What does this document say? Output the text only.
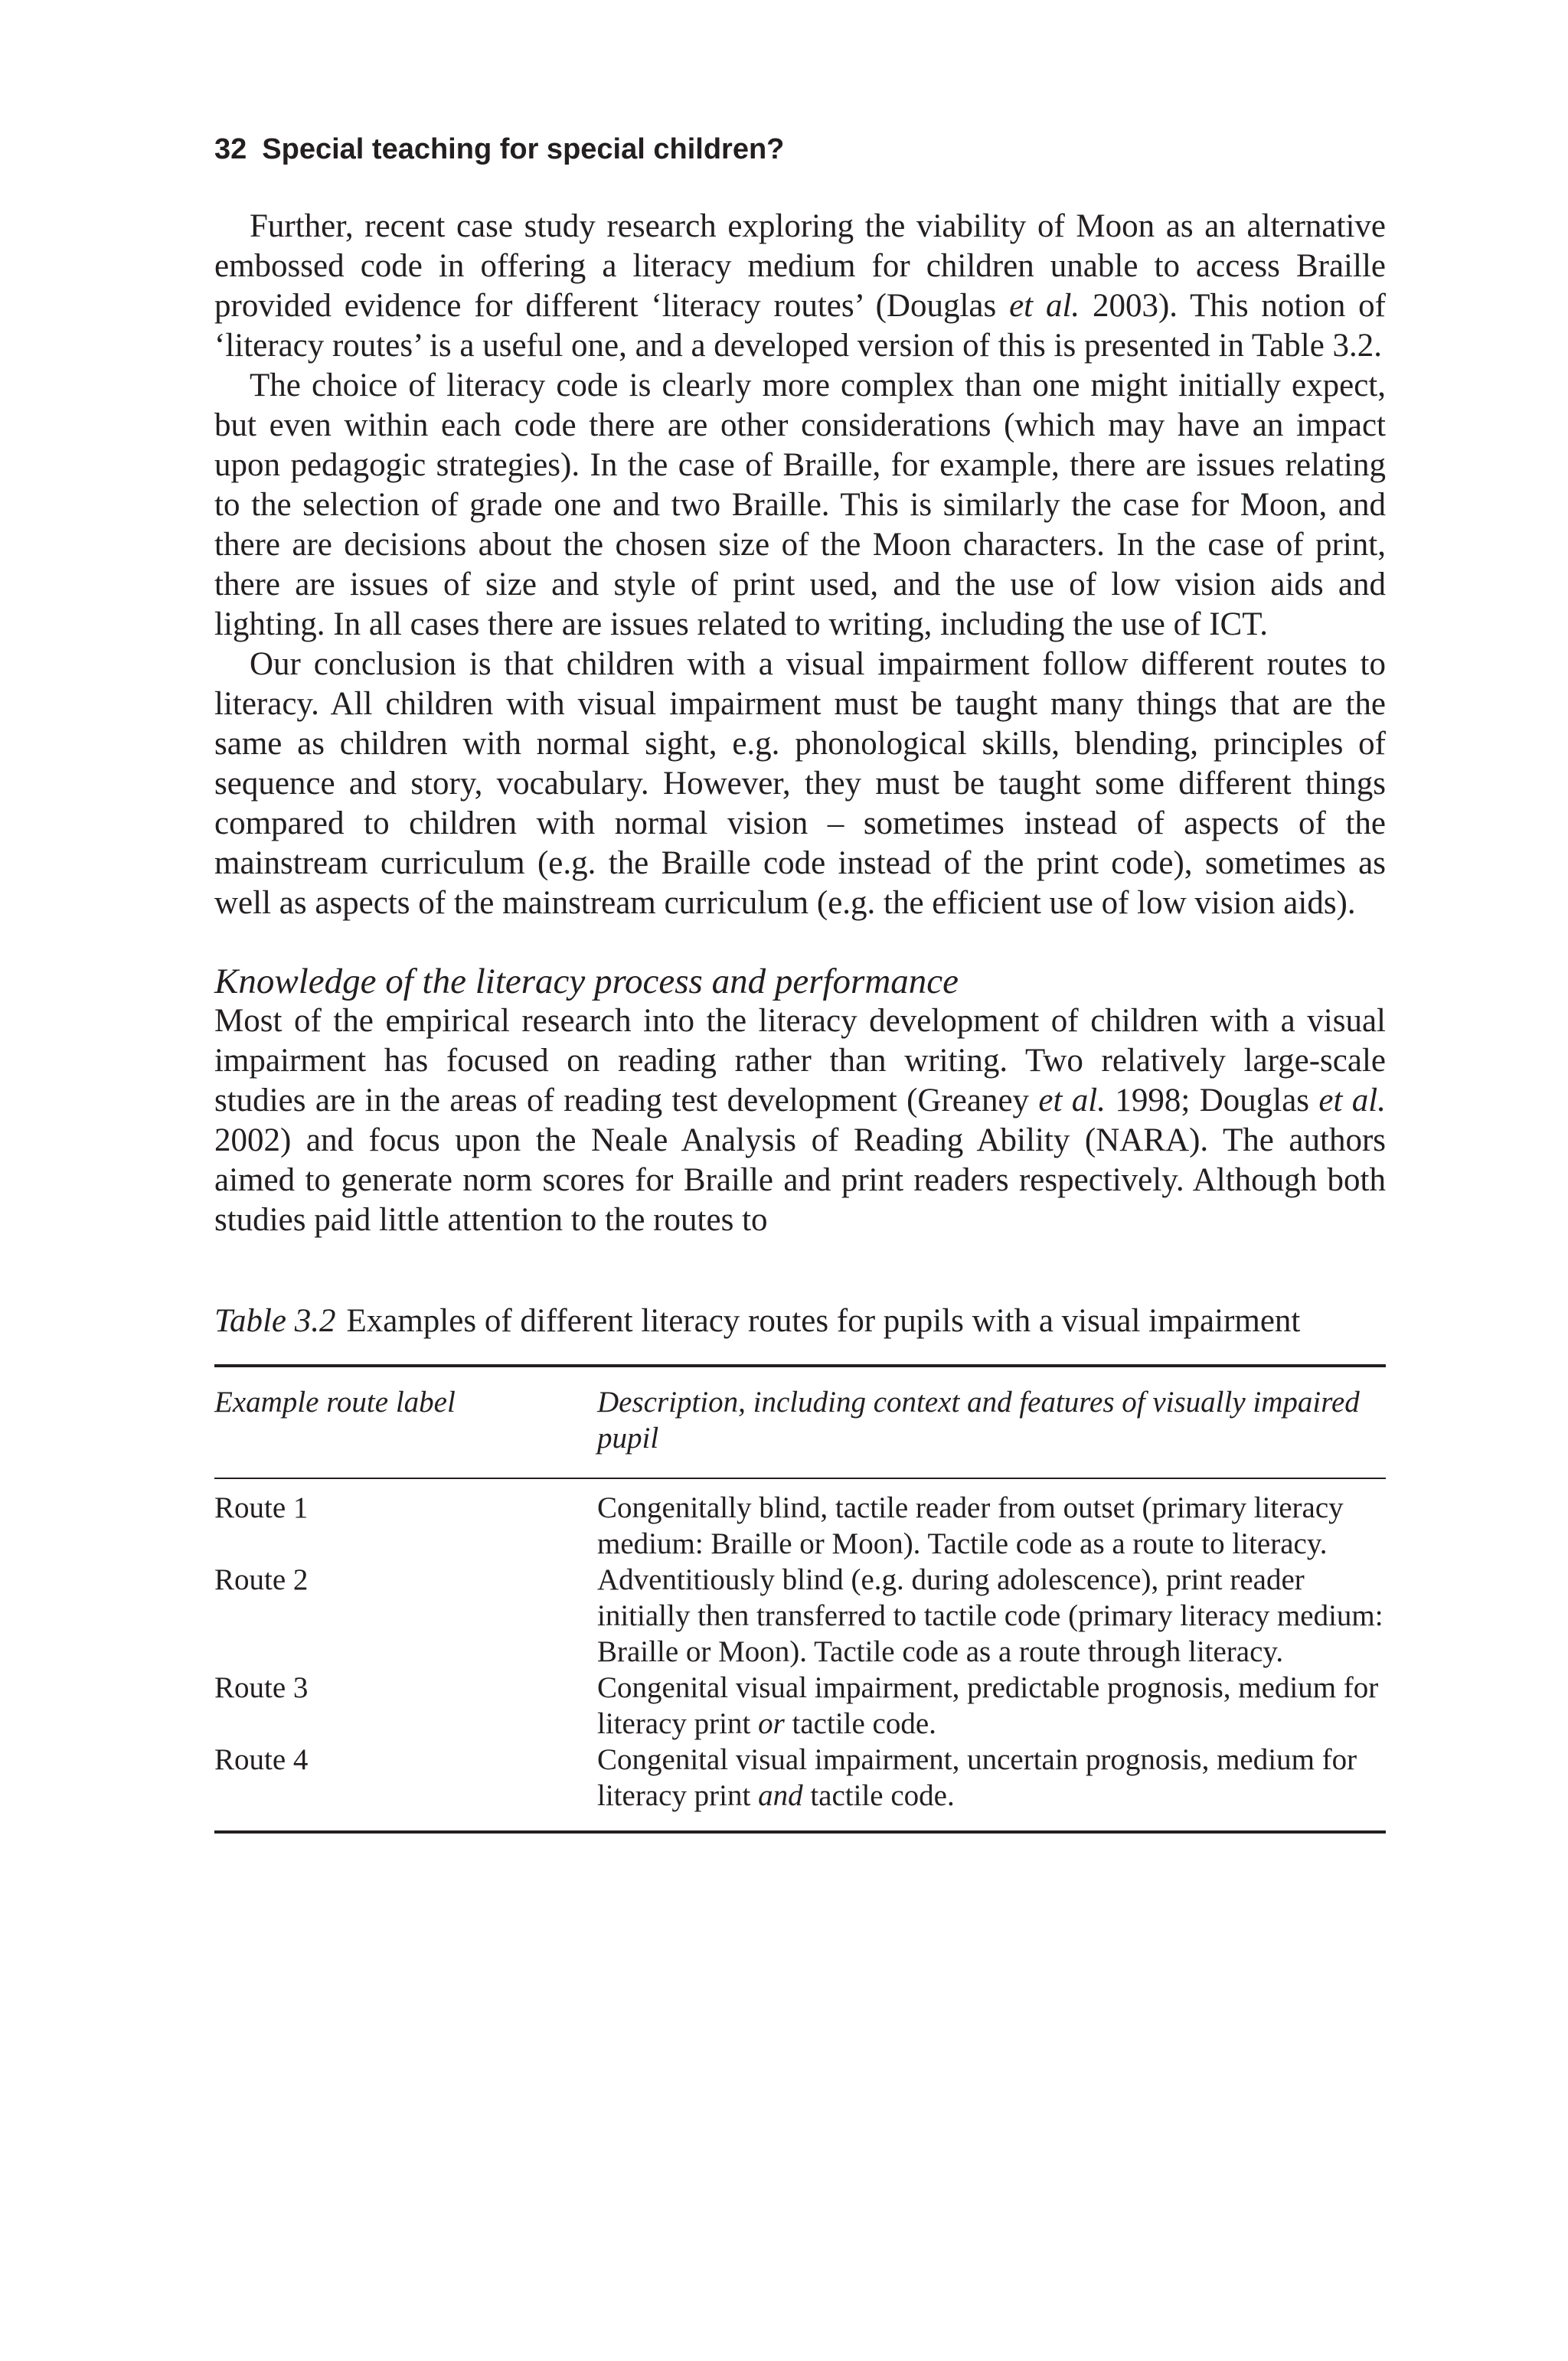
32 Special teaching for special children?

Further, recent case study research exploring the viability of Moon as an alternative embossed code in offering a literacy medium for children unable to access Braille provided evidence for different ‘literacy routes’ (Douglas et al. 2003). This notion of ‘literacy routes’ is a useful one, and a developed version of this is presented in Table 3.2.

The choice of literacy code is clearly more complex than one might initially expect, but even within each code there are other considerations (which may have an impact upon pedagogic strategies). In the case of Braille, for example, there are issues relating to the selection of grade one and two Braille. This is similarly the case for Moon, and there are decisions about the chosen size of the Moon characters. In the case of print, there are issues of size and style of print used, and the use of low vision aids and lighting. In all cases there are issues related to writing, including the use of ICT.

Our conclusion is that children with a visual impairment follow different routes to literacy. All children with visual impairment must be taught many things that are the same as children with normal sight, e.g. phonological skills, blending, principles of sequence and story, vocabulary. However, they must be taught some different things compared to children with normal vision – sometimes instead of aspects of the mainstream curriculum (e.g. the Braille code instead of the print code), sometimes as well as aspects of the mainstream curriculum (e.g. the efficient use of low vision aids).

Knowledge of the literacy process and performance

Most of the empirical research into the literacy development of children with a visual impairment has focused on reading rather than writing. Two relatively large-scale studies are in the areas of reading test development (Greaney et al. 1998; Douglas et al. 2002) and focus upon the Neale Analysis of Reading Ability (NARA). The authors aimed to generate norm scores for Braille and print readers respectively. Although both studies paid little attention to the routes to

Table 3.2 Examples of different literacy routes for pupils with a visual impairment
Example route label	Description, including context and features of visually impaired pupil
Route 1	Congenitally blind, tactile reader from outset (primary literacy medium: Braille or Moon). Tactile code as a route to literacy.
Route 2	Adventitiously blind (e.g. during adolescence), print reader initially then transferred to tactile code (primary literacy medium: Braille or Moon). Tactile code as a route through literacy.
Route 3	Congenital visual impairment, predictable prognosis, medium for literacy print or tactile code.
Route 4	Congenital visual impairment, uncertain prognosis, medium for literacy print and tactile code.
